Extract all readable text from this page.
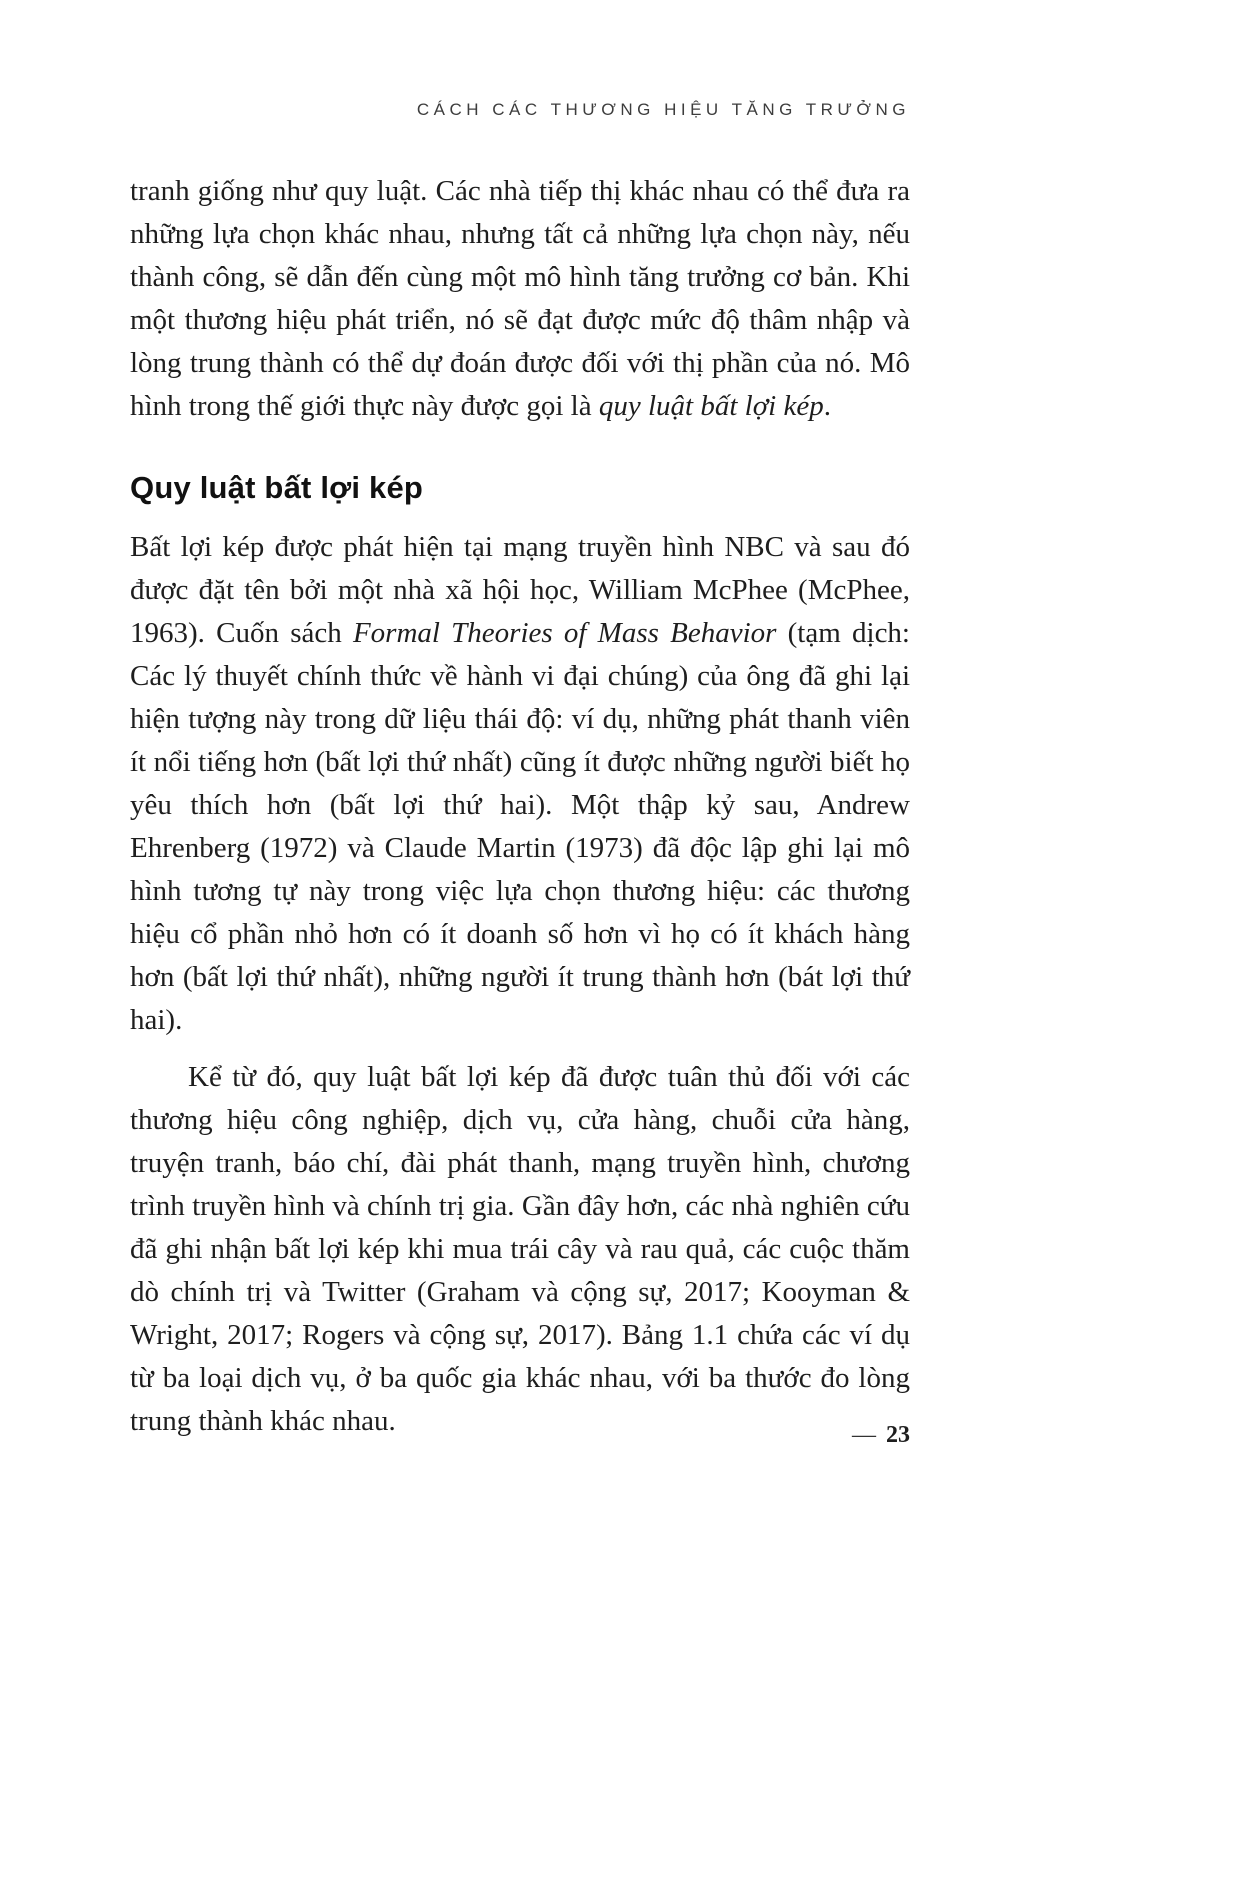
CÁCH CÁC THƯƠNG HIỆU TĂNG TRƯỞNG

tranh giống như quy luật. Các nhà tiếp thị khác nhau có thể đưa ra những lựa chọn khác nhau, nhưng tất cả những lựa chọn này, nếu thành công, sẽ dẫn đến cùng một mô hình tăng trưởng cơ bản. Khi một thương hiệu phát triển, nó sẽ đạt được mức độ thâm nhập và lòng trung thành có thể dự đoán được đối với thị phần của nó. Mô hình trong thế giới thực này được gọi là quy luật bất lợi kép.

Quy luật bất lợi kép

Bất lợi kép được phát hiện tại mạng truyền hình NBC và sau đó được đặt tên bởi một nhà xã hội học, William McPhee (McPhee, 1963). Cuốn sách Formal Theories of Mass Behavior (tạm dịch: Các lý thuyết chính thức về hành vi đại chúng) của ông đã ghi lại hiện tượng này trong dữ liệu thái độ: ví dụ, những phát thanh viên ít nổi tiếng hơn (bất lợi thứ nhất) cũng ít được những người biết họ yêu thích hơn (bất lợi thứ hai). Một thập kỷ sau, Andrew Ehrenberg (1972) và Claude Martin (1973) đã độc lập ghi lại mô hình tương tự này trong việc lựa chọn thương hiệu: các thương hiệu cổ phần nhỏ hơn có ít doanh số hơn vì họ có ít khách hàng hơn (bất lợi thứ nhất), những người ít trung thành hơn (bát lợi thứ hai).

Kể từ đó, quy luật bất lợi kép đã được tuân thủ đối với các thương hiệu công nghiệp, dịch vụ, cửa hàng, chuỗi cửa hàng, truyện tranh, báo chí, đài phát thanh, mạng truyền hình, chương trình truyền hình và chính trị gia. Gần đây hơn, các nhà nghiên cứu đã ghi nhận bất lợi kép khi mua trái cây và rau quả, các cuộc thăm dò chính trị và Twitter (Graham và cộng sự, 2017; Kooyman & Wright, 2017; Rogers và cộng sự, 2017). Bảng 1.1 chứa các ví dụ từ ba loại dịch vụ, ở ba quốc gia khác nhau, với ba thước đo lòng trung thành khác nhau.	— 23
